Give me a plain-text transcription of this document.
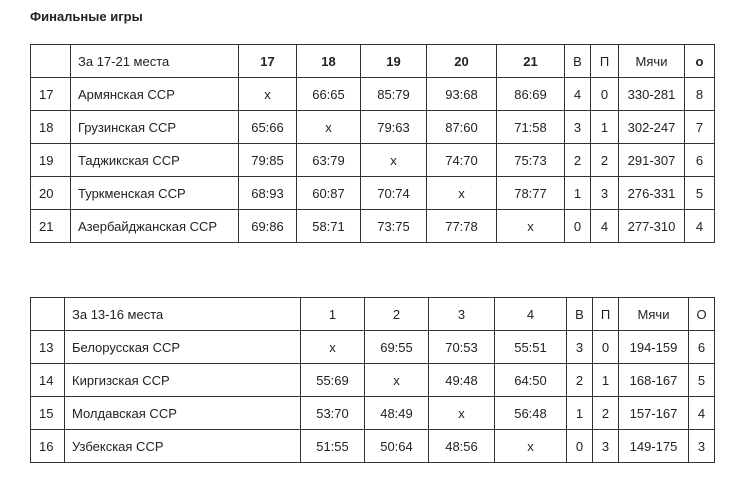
Финальные игры
	За 17-21 места	17	18	19	20	21	В	П	Мячи	о
17	Армянская ССР	x	66:65	85:79	93:68	86:69	4	0	330-281	8
18	Грузинская ССР	65:66	x	79:63	87:60	71:58	3	1	302-247	7
19	Таджикская ССР	79:85	63:79	x	74:70	75:73	2	2	291-307	6
20	Туркменская ССР	68:93	60:87	70:74	x	78:77	1	3	276-331	5
21	Азербайджанская ССР	69:86	58:71	73:75	77:78	x	0	4	277-310	4
	За 13-16 места	1	2	3	4	В	П	Мячи	О
13	Белорусская ССР	x	69:55	70:53	55:51	3	0	194-159	6
14	Киргизская ССР	55:69	x	49:48	64:50	2	1	168-167	5
15	Молдавская ССР	53:70	48:49	x	56:48	1	2	157-167	4
16	Узбекская ССР	51:55	50:64	48:56	x	0	3	149-175	3
